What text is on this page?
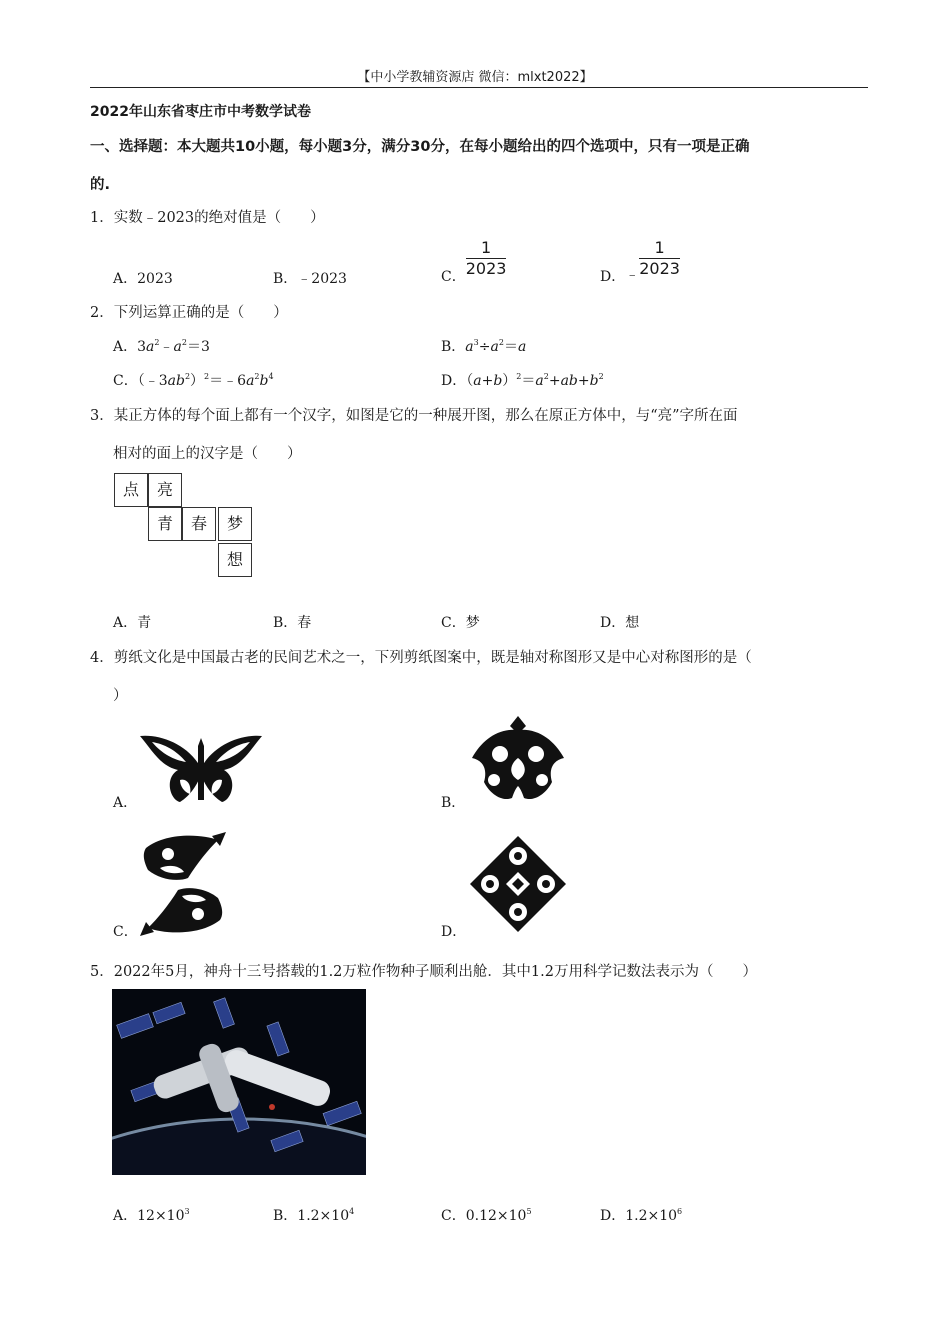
【中小学教辅资源店 微信：mlxt2022】
2022年山东省枣庄市中考数学试卷
一、选择题：本大题共10小题，每小题3分，满分30分，在每小题给出的四个选项中，只有一项是正确
的.
1．实数﹣2023的绝对值是（　　）
A．2023	B．﹣2023	C． $\frac{1}{2023}$	D．﹣ $\frac{1}{2023}$
2．下列运算正确的是（　　）
A．$3a^2﹣a^2=3$	B．$a^3\div a^2=a$
C．$(﹣3ab^2)^2=﹣6a^2b^4$	D．$(a+b)^2=a^2+ab+b^2$
3．某正方体的每个面上都有一个汉字，如图是它的一种展开图，那么在原正方体中，与“亮”字所在面
相对的面上的汉字是（　　）
点	亮
青	春	梦
想
A．青	B．春	C．梦	D．想
4．剪纸文化是中国最古老的民间艺术之一，下列剪纸图案中，既是轴对称图形又是中心对称图形的是（
）
A．	B．
C．	D．
5．2022年5月，神舟十三号搭载的1.2万粒作物种子顺利出舱．其中1.2万用科学记数法表示为（　　）
A．$12\times 10^3$	B．$1.2\times 10^4$	C．$0.12\times 10^5$	D．$1.2\times 10^6$
